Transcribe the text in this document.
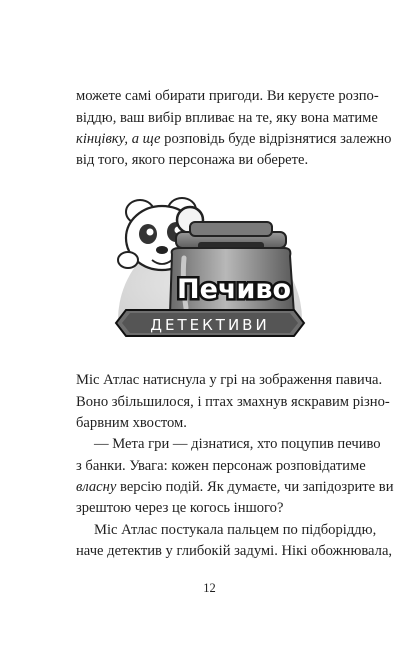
можете самі обирати пригоди. Ви керуєте розпо-
віддю, ваш вибір впливає на те, яку вона матиме
кінцівку, а ще розповідь буде відрізнятися залежно
від того, якого персонажа ви оберете.
Печиво
ДЕТЕКТИВИ
Міс Атлас натиснула у грі на зображення павича.
Воно збільшилося, і птах змахнув яскравим різно-
барвним хвостом.
— Мета гри — дізнатися, хто поцупив печиво
з банки. Увага: кожен персонаж розповідатиме
власну версію подій. Як думаєте, чи запідозрите ви
зрештою через це когось іншого?
Міс Атлас постукала пальцем по підборіддю,
наче детектив у глибокій задумі. Нікі обожнювала,
12
